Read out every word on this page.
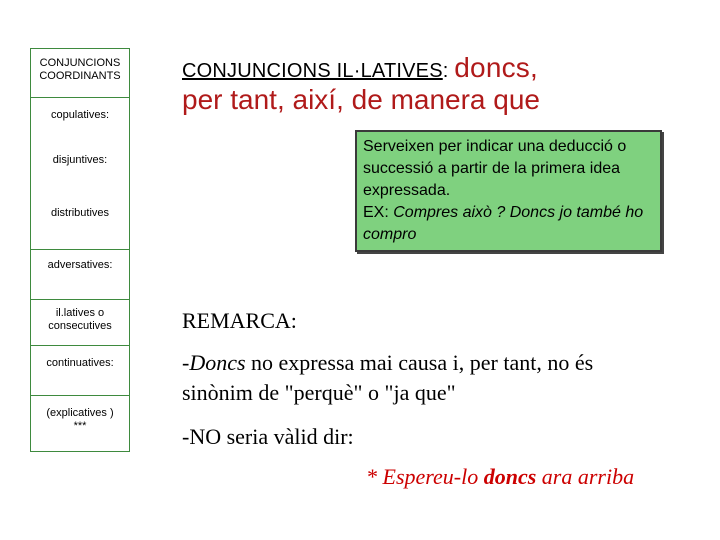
CONJUNCIONS COORDINANTS
copulatives:
disjuntives:
distributives
adversatives:
il.latives o consecutives
continuatives:
(explicatives )
***
CONJUNCIONS IL·LATIVES: doncs,
per tant, així, de manera que
Serveixen per indicar una deducció o successió a partir de la primera idea expressada.
EX: Compres això ? Doncs jo també ho compro
REMARCA:
-Doncs no expressa mai causa i, per tant, no és
sinònim de "perquè" o "ja que"
-NO seria vàlid dir:
* Espereu-lo doncs ara arriba
